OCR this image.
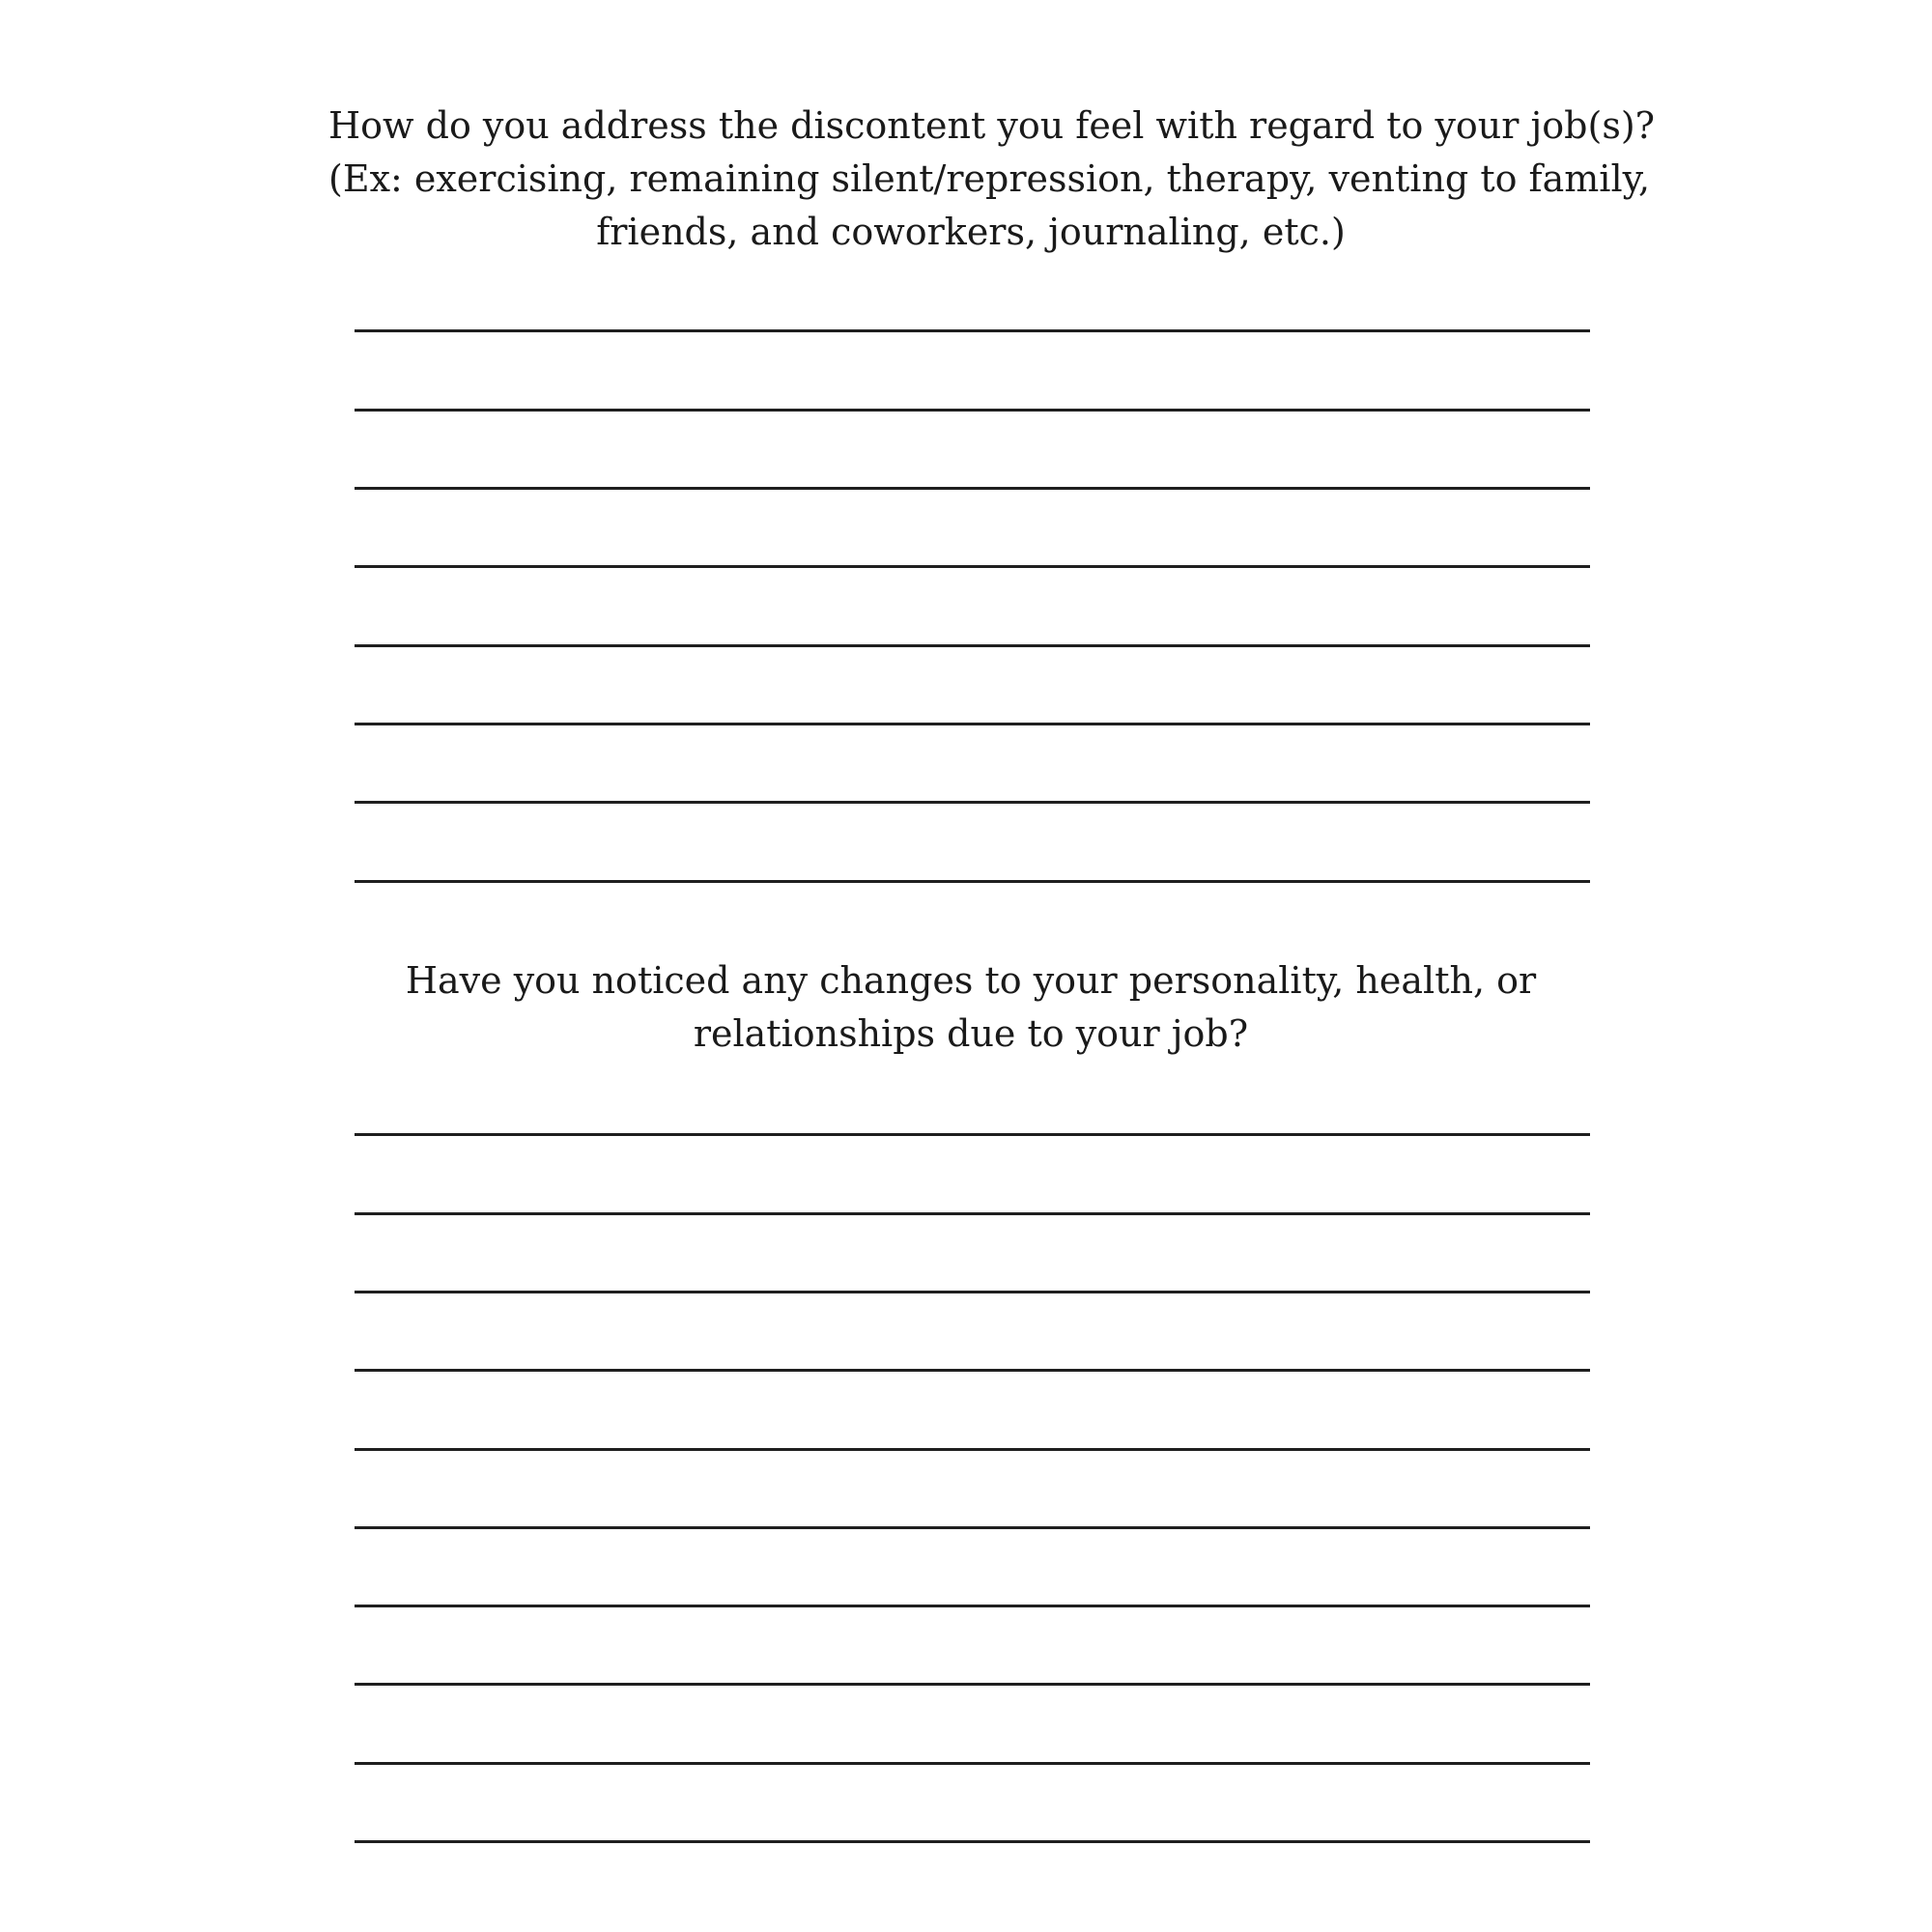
How do you address the discontent you feel with regard to your job(s)?
(Ex: exercising, remaining silent/repression, therapy, venting to family,
friends, and coworkers, journaling, etc.)
Have you noticed any changes to your personality, health, or
relationships due to your job?
